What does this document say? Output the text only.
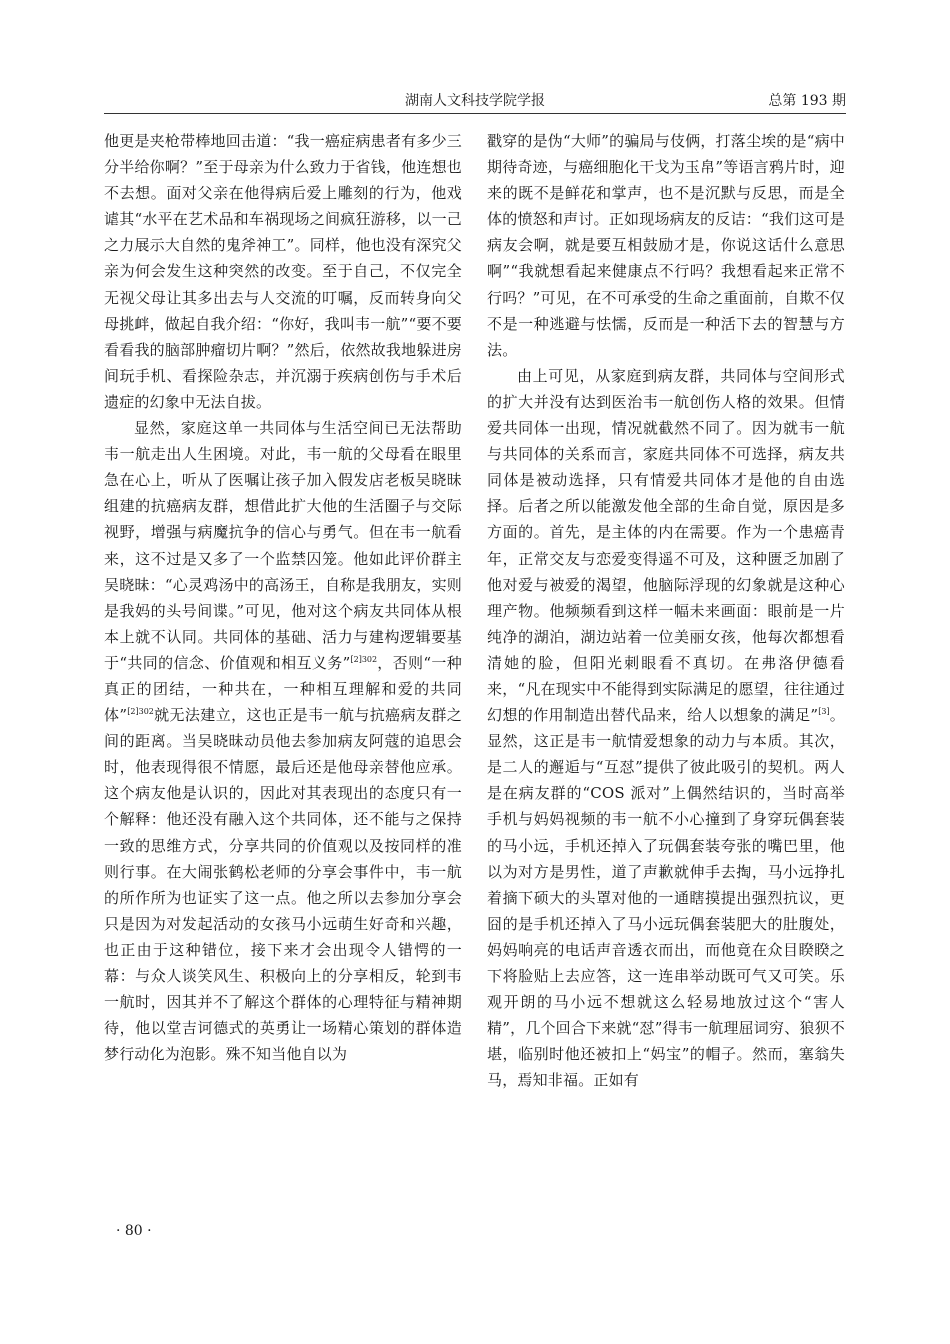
湖南人文科技学院学报	总第 193 期

他更是夹枪带棒地回击道：“我一癌症病患者有多少三分半给你啊？”至于母亲为什么致力于省钱，他连想也不去想。面对父亲在他得病后爱上雕刻的行为，他戏谑其“水平在艺术品和车祸现场之间疯狂游移，以一己之力展示大自然的鬼斧神工”。同样，他也没有深究父亲为何会发生这种突然的改变。至于自己，不仅完全无视父母让其多出去与人交流的叮嘱，反而转身向父母挑衅，做起自我介绍：“你好，我叫韦一航”“要不要看看我的脑部肿瘤切片啊？”然后，依然故我地躲进房间玩手机、看探险杂志，并沉溺于疾病创伤与手术后遗症的幻象中无法自拔。

显然，家庭这单一共同体与生活空间已无法帮助韦一航走出人生困境。对此，韦一航的父母看在眼里急在心上，听从了医嘱让孩子加入假发店老板吴晓昧组建的抗癌病友群，想借此扩大他的生活圈子与交际视野，增强与病魔抗争的信心与勇气。但在韦一航看来，这不过是又多了一个监禁囚笼。他如此评价群主吴晓昧：“心灵鸡汤中的高汤王，自称是我朋友，实则是我妈的头号间谍。”可见，他对这个病友共同体从根本上就不认同。共同体的基础、活力与建构逻辑要基于“共同的信念、价值观和相互义务”$^{[2]302}$，否则“一种真正的团结，一种共在，一种相互理解和爱的共同体”$^{[2]302}$就无法建立，这也正是韦一航与抗癌病友群之间的距离。当吴晓昧动员他去参加病友阿蔻的追思会时，他表现得很不情愿，最后还是他母亲替他应承。这个病友他是认识的，因此对其表现出的态度只有一个解释：他还没有融入这个共同体，还不能与之保持一致的思维方式，分享共同的价值观以及按同样的准则行事。在大闹张鹤松老师的分享会事件中，韦一航的所作所为也证实了这一点。他之所以去参加分享会只是因为对发起活动的女孩马小远萌生好奇和兴趣，也正由于这种错位，接下来才会出现令人错愕的一幕：与众人谈笑风生、积极向上的分享相反，轮到韦一航时，因其并不了解这个群体的心理特征与精神期待，他以堂吉诃德式的英勇让一场精心策划的群体造梦行动化为泡影。殊不知当他自以为

戳穿的是伪“大师”的骗局与伎俩，打落尘埃的是“病中期待奇迹，与癌细胞化干戈为玉帛”等语言鸦片时，迎来的既不是鲜花和掌声，也不是沉默与反思，而是全体的愤怒和声讨。正如现场病友的反诘：“我们这可是病友会啊，就是要互相鼓励才是，你说这话什么意思啊”“我就想看起来健康点不行吗？我想看起来正常不行吗？”可见，在不可承受的生命之重面前，自欺不仅不是一种逃避与怯懦，反而是一种活下去的智慧与方法。

由上可见，从家庭到病友群，共同体与空间形式的扩大并没有达到医治韦一航创伤人格的效果。但情爱共同体一出现，情况就截然不同了。因为就韦一航与共同体的关系而言，家庭共同体不可选择，病友共同体是被动选择，只有情爱共同体才是他的自由选择。后者之所以能激发他全部的生命自觉，原因是多方面的。首先，是主体的内在需要。作为一个患癌青年，正常交友与恋爱变得遥不可及，这种匮乏加剧了他对爱与被爱的渴望，他脑际浮现的幻象就是这种心理产物。他频频看到这样一幅未来画面：眼前是一片纯净的湖泊，湖边站着一位美丽女孩，他每次都想看清她的脸，但阳光刺眼看不真切。在弗洛伊德看来，“凡在现实中不能得到实际满足的愿望，往往通过幻想的作用制造出替代品来，给人以想象的满足”[3]。显然，这正是韦一航情爱想象的动力与本质。其次，是二人的邂逅与“互怼”提供了彼此吸引的契机。两人是在病友群的“COS 派对”上偶然结识的，当时高举手机与妈妈视频的韦一航不小心撞到了身穿玩偶套装的马小远，手机还掉入了玩偶套装夸张的嘴巴里，他以为对方是男性，道了声歉就伸手去掏，马小远挣扎着摘下硕大的头罩对他的一通瞎摸提出强烈抗议，更囧的是手机还掉入了马小远玩偶套装肥大的肚腹处，妈妈响亮的电话声音透衣而出，而他竟在众目睽睽之下将脸贴上去应答，这一连串举动既可气又可笑。乐观开朗的马小远不想就这么轻易地放过这个“害人精”，几个回合下来就“怼”得韦一航理屈词穷、狼狈不堪，临别时他还被扣上“妈宝”的帽子。然而，塞翁失马，焉知非福。正如有

· 80 ·
